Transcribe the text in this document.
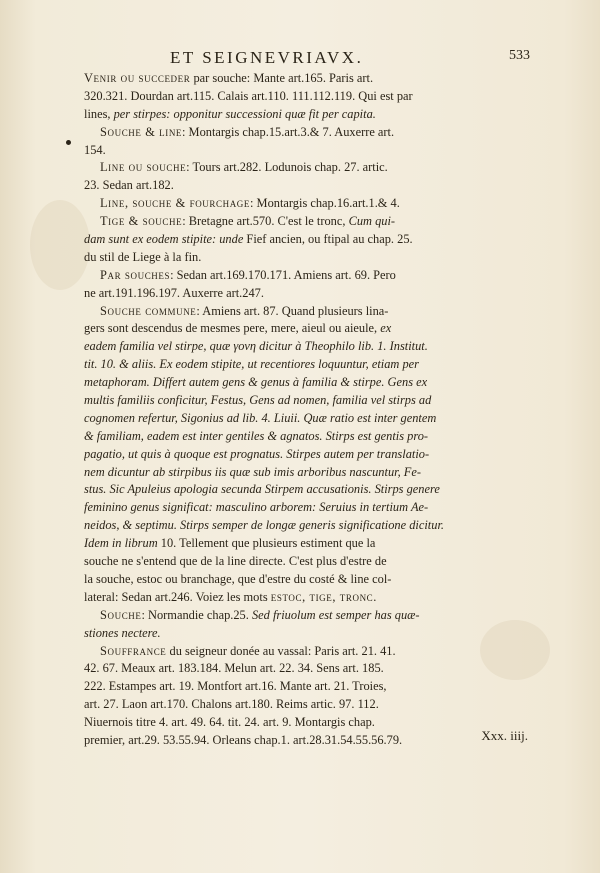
ET SEIGNEVRIAVX.	533
Venir ou succeder par souche: Mante art.165. Paris art.
320.321. Dourdan art.115. Calais art.110. 111.112.119. Qui est par
lines, per stirpes: opponitur successioni quæ fit per capita.
Souche & line: Montargis chap.15.art.3.& 7. Auxerre art.
154.
Line ou souche: Tours art.282. Lodunois chap. 27. artic.
23. Sedan art.182.
Line, souche & fourchage: Montargis chap.16.art.1.& 4.
Tige & souche: Bretagne art.570. C'est le tronc, Cum qui-
dam sunt ex eodem stipite: unde Fief ancien, ou ftipal au chap. 25.
du stil de Liege à la fin.
Par souches: Sedan art.169.170.171. Amiens art. 69. Pero
ne art.191.196.197. Auxerre art.247.
Souche commune: Amiens art. 87. Quand plusieurs lina-
gers sont descendus de mesmes pere, mere, aieul ou aieule, ex
eadem familia vel stirpe, quæ γονη dicitur à Theophilo lib. 1. Institut.
tit. 10. & aliis. Ex eodem stipite, ut recentiores loquuntur, etiam per
metaphoram. Differt autem gens & genus à familia & stirpe. Gens ex
multis familiis conficitur, Festus, Gens ad nomen, familia vel stirps ad
cognomen refertur, Sigonius ad lib. 4. Liuii. Quæ ratio est inter gentem
& familiam, eadem est inter gentiles & agnatos. Stirps est gentis pro-
pagatio, ut quis à quoque est prognatus. Stirpes autem per translatio-
nem dicuntur ab stirpibus iis quæ sub imis arboribus nascuntur, Fe-
stus. Sic Apuleius apologia secunda Stirpem accusationis. Stirps genere
feminino genus significat: masculino arborem: Seruius in tertium Ae-
neidos, & septimu. Stirps semper de longæ generis significatione dicitur.
Idem in librum 10. Tellement que plusieurs estiment que la
souche ne s'entend que de la line directe. C'est plus d'estre de
la souche, estoc ou branchage, que d'estre du costé & line col-
lateral: Sedan art.246. Voiez les mots estoc, tige, tronc.
Souche: Normandie chap.25. Sed friuolum est semper has quæ-
stiones nectere.
Souffrance du seigneur donée au vassal: Paris art. 21. 41.
42. 67. Meaux art. 183.184. Melun art. 22. 34. Sens art. 185.
222. Estampes art. 19. Montfort art.16. Mante art. 21. Troies,
art. 27. Laon art.170. Chalons art.180. Reims artic. 97. 112.
Niuernois titre 4. art. 49. 64. tit. 24. art. 9. Montargis chap.
premier, art.29. 53.55.94. Orleans chap.1. art.28.31.54.55.56.79.	Xxx. iiij.
